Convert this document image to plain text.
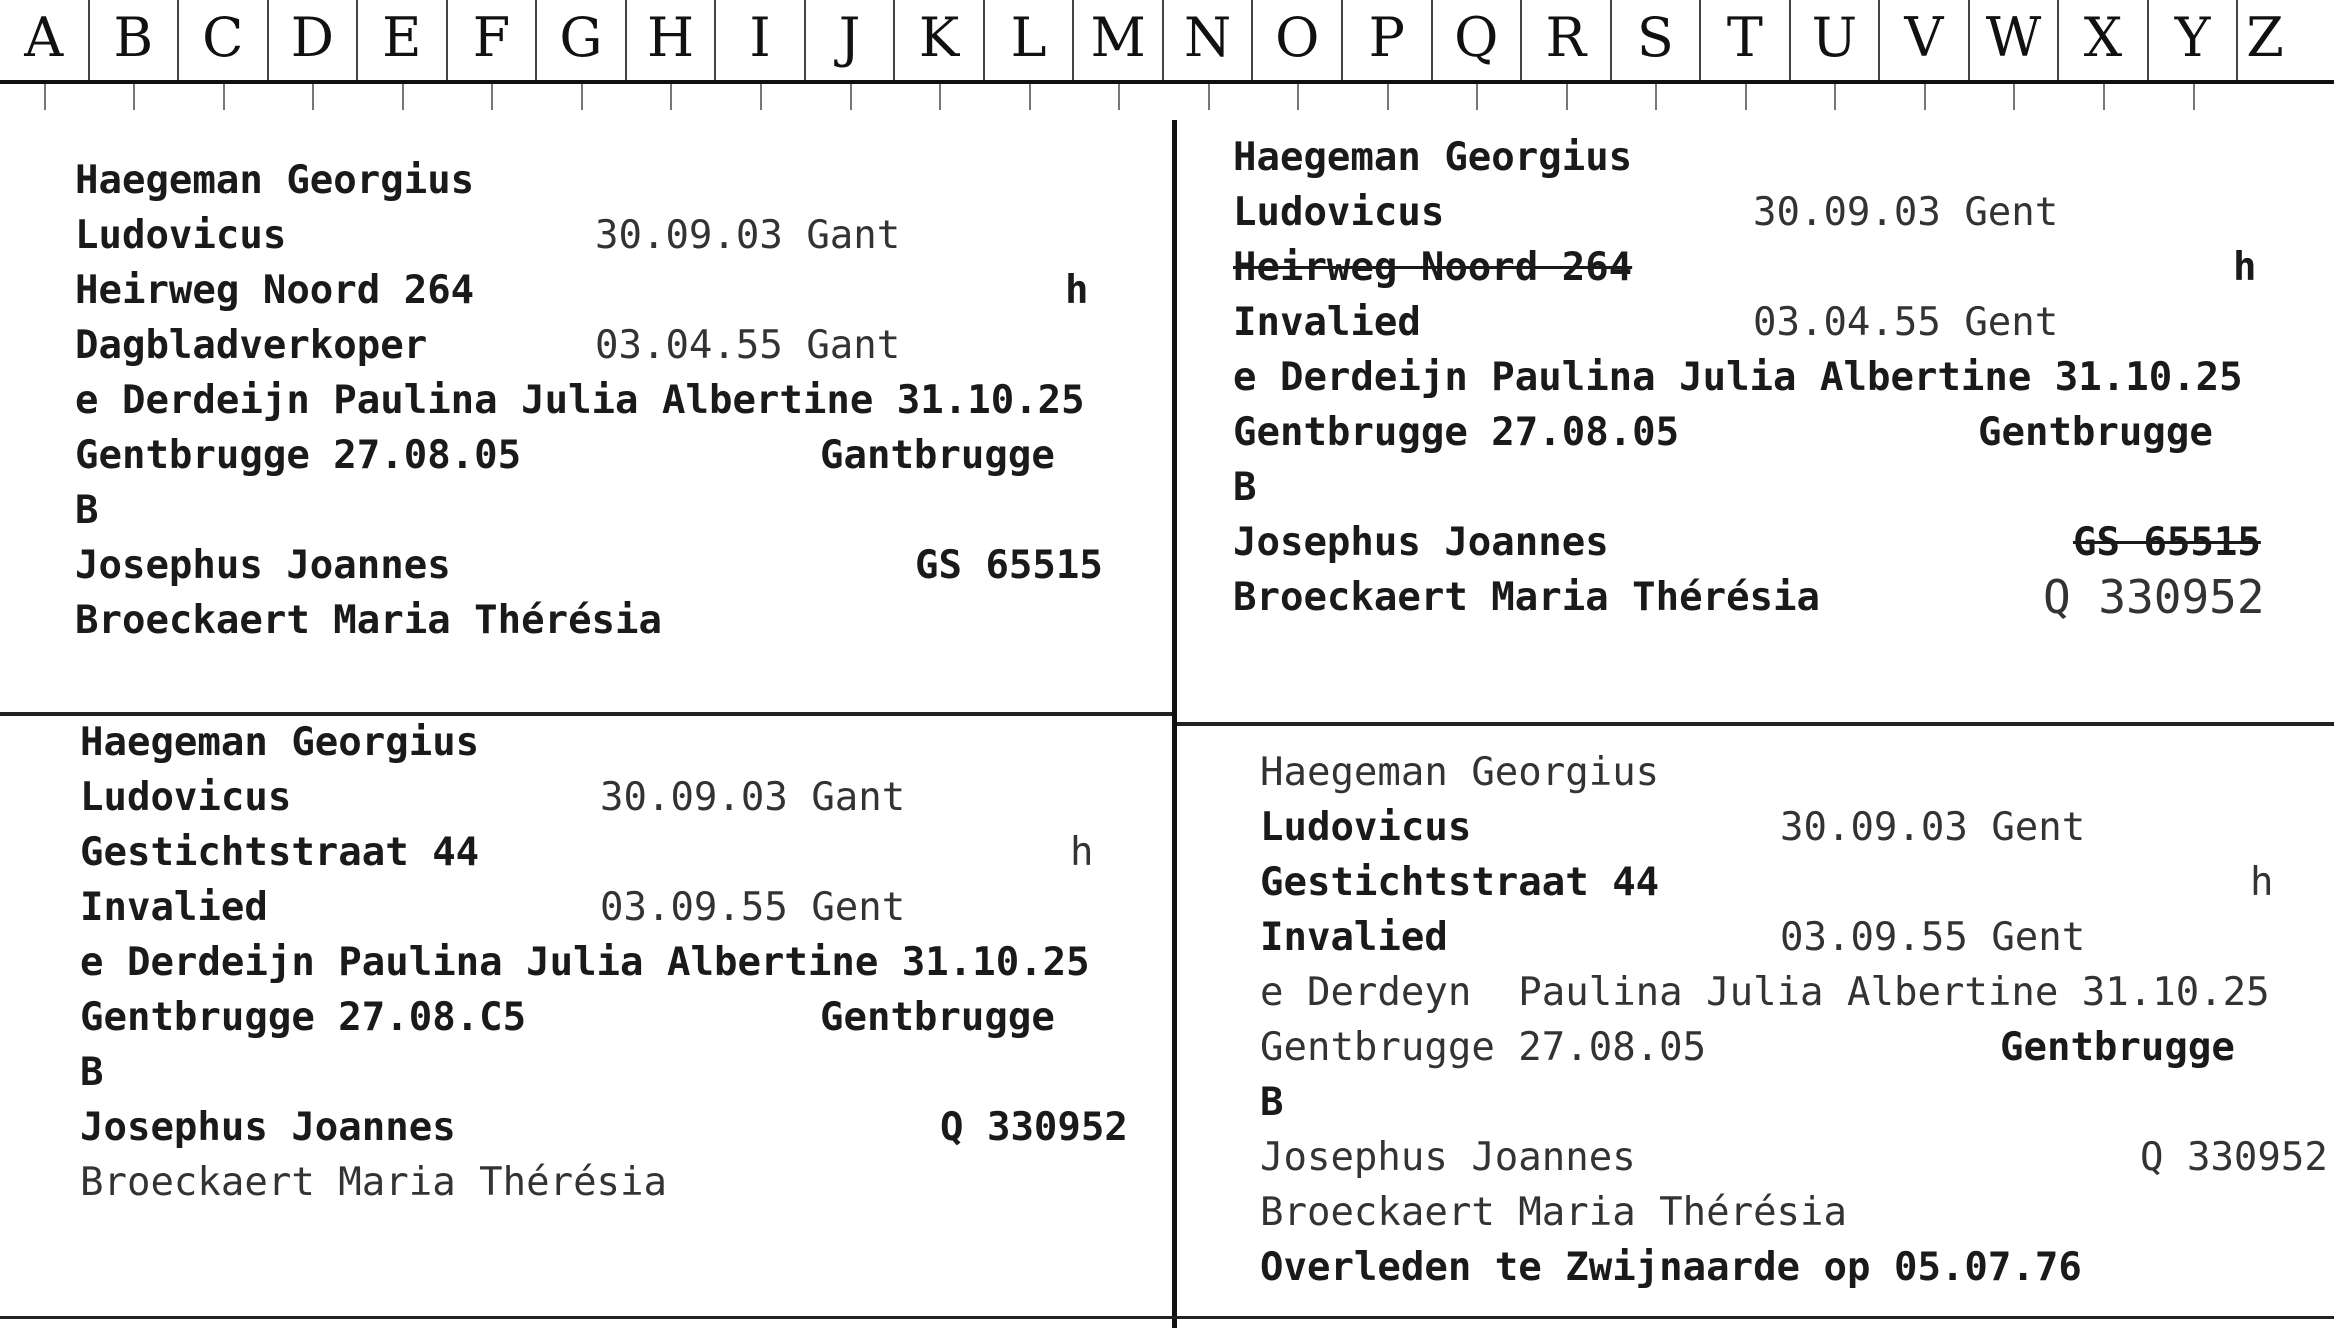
A B C D E F G H	I	J	K L M N O P Q R S T U V W X Y Z
Haegeman Georgius
Ludovicus	30.09.03 Gant
Heirweg Noord 264	h
Dagbladverkoper	03.04.55 Gant
e Derdeijn Paulina Julia Albertine 31.10.25
Gentbrugge 27.08.05	Gantbrugge
B
Josephus Joannes	GS 65515
Broeckaert Maria Thérésia
Haegeman Georgius
Ludovicus	30.09.03 Gent
Heirweg Noord 264	h
Invalied	03.04.55 Gent
e Derdeijn Paulina Julia Albertine 31.10.25
Gentbrugge 27.08.05	Gentbrugge
B
Josephus Joannes	GS 65515
Broeckaert Maria Thérésia	Q 330952
Haegeman Georgius
Ludovicus	30.09.03 Gant
Gestichtstraat 44	h
Invalied	03.09.55 Gent
e Derdeijn Paulina Julia Albertine 31.10.25
Gentbrugge 27.08.C5	Gentbrugge
B
Josephus Joannes	Q 330952
Broeckaert Maria Thérésia
Haegeman Georgius
Ludovicus	30.09.03 Gent
Gestichtstraat 44	h
Invalied	03.09.55 Gent
e Derdeyn  Paulina Julia Albertine 31.10.25
Gentbrugge 27.08.05	Gentbrugge
B
Josephus Joannes	Q 330952
Broeckaert Maria Thérésia
Overleden te Zwijnaarde op 05.07.76
